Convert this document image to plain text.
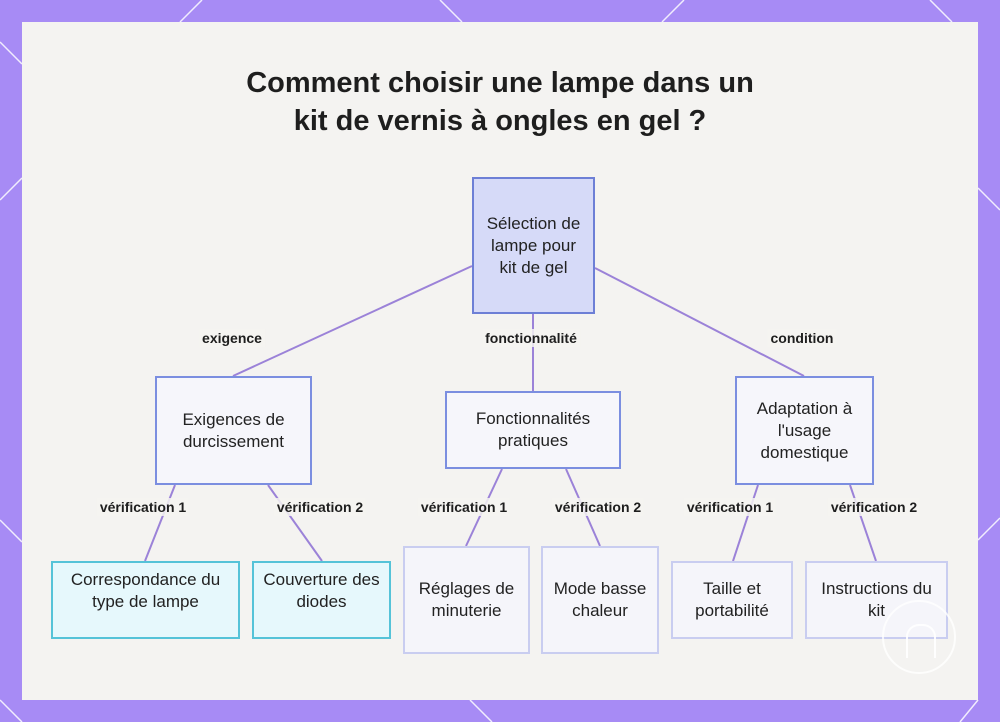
Comment choisir une lampe dans un
kit de vernis à ongles en gel ?
exigence	fonctionnalité	condition
vérification 1	vérification 2	vérification 1	vérification 2	vérification 1	vérification 2
Sélection de lampe pour kit de gel
Exigences de durcissement
Fonctionnalités pratiques
Adaptation à l'usage domestique
Correspondance du type de lampe
Couverture des diodes
Réglages de minuterie
Mode basse chaleur
Taille et portabilité
Instructions du kit
